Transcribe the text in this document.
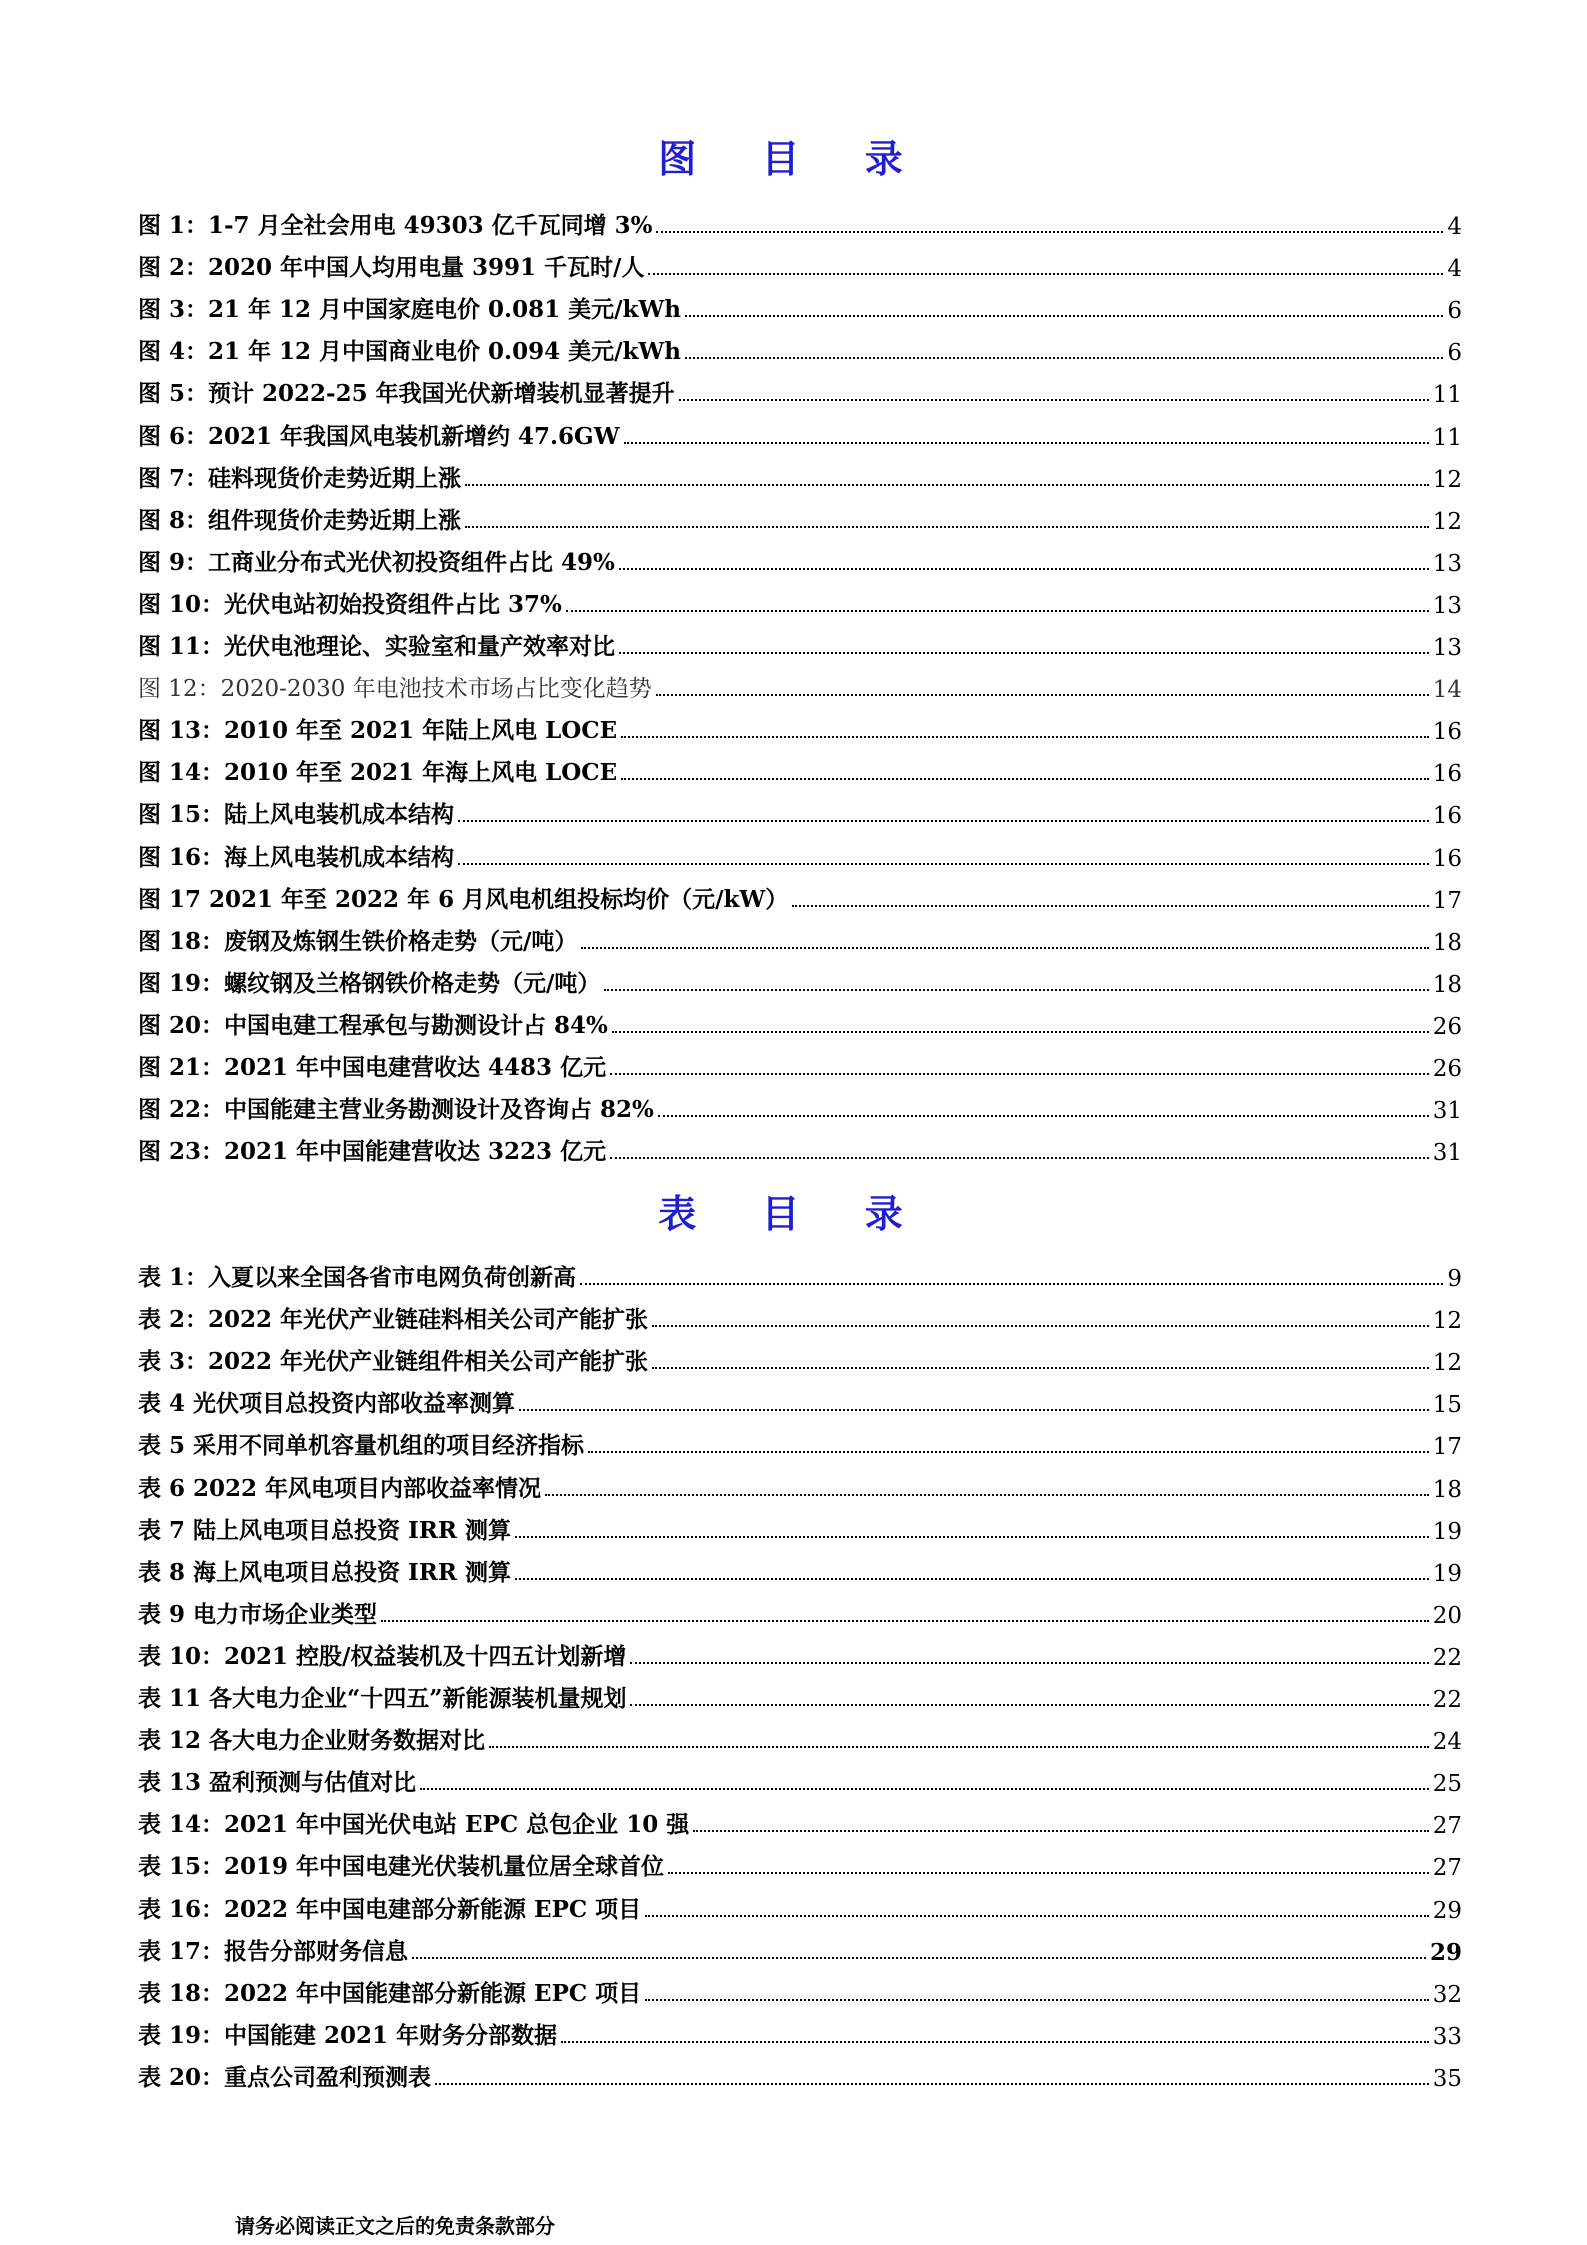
图 目 录
图 1：1-7 月全社会用电 49303 亿千瓦同增 3%	4
图 2：2020 年中国人均用电量 3991 千瓦时/人	4
图 3：21 年 12 月中国家庭电价 0.081 美元/kWh	6
图 4：21 年 12 月中国商业电价 0.094 美元/kWh	6
图 5：预计 2022-25 年我国光伏新增装机显著提升	11
图 6：2021 年我国风电装机新增约 47.6GW	11
图 7：硅料现货价走势近期上涨	12
图 8：组件现货价走势近期上涨	12
图 9：工商业分布式光伏初投资组件占比 49%	13
图 10：光伏电站初始投资组件占比 37%	13
图 11：光伏电池理论、实验室和量产效率对比	13
图 12：2020-2030 年电池技术市场占比变化趋势	14
图 13：2010 年至 2021 年陆上风电 LOCE	16
图 14：2010 年至 2021 年海上风电 LOCE	16
图 15：陆上风电装机成本结构	16
图 16：海上风电装机成本结构	16
图 17 2021 年至 2022 年 6 月风电机组投标均价（元/kW）	17
图 18：废钢及炼钢生铁价格走势（元/吨）	18
图 19：螺纹钢及兰格钢铁价格走势（元/吨）	18
图 20：中国电建工程承包与勘测设计占 84%	26
图 21：2021 年中国电建营收达 4483 亿元	26
图 22：中国能建主营业务勘测设计及咨询占 82%	31
图 23：2021 年中国能建营收达 3223 亿元	31
表 目 录
表 1：入夏以来全国各省市电网负荷创新高	9
表 2：2022 年光伏产业链硅料相关公司产能扩张	12
表 3：2022 年光伏产业链组件相关公司产能扩张	12
表 4 光伏项目总投资内部收益率测算	15
表 5 采用不同单机容量机组的项目经济指标	17
表 6 2022 年风电项目内部收益率情况	18
表 7 陆上风电项目总投资 IRR 测算	19
表 8 海上风电项目总投资 IRR 测算	19
表 9 电力市场企业类型	20
表 10：2021 控股/权益装机及十四五计划新增	22
表 11 各大电力企业“十四五”新能源装机量规划	22
表 12 各大电力企业财务数据对比	24
表 13 盈利预测与估值对比	25
表 14：2021 年中国光伏电站 EPC 总包企业 10 强	27
表 15：2019 年中国电建光伏装机量位居全球首位	27
表 16：2022 年中国电建部分新能源 EPC 项目	29
表 17：报告分部财务信息	29
表 18：2022 年中国能建部分新能源 EPC 项目	32
表 19：中国能建 2021 年财务分部数据	33
表 20：重点公司盈利预测表	35
请务必阅读正文之后的免责条款部分
